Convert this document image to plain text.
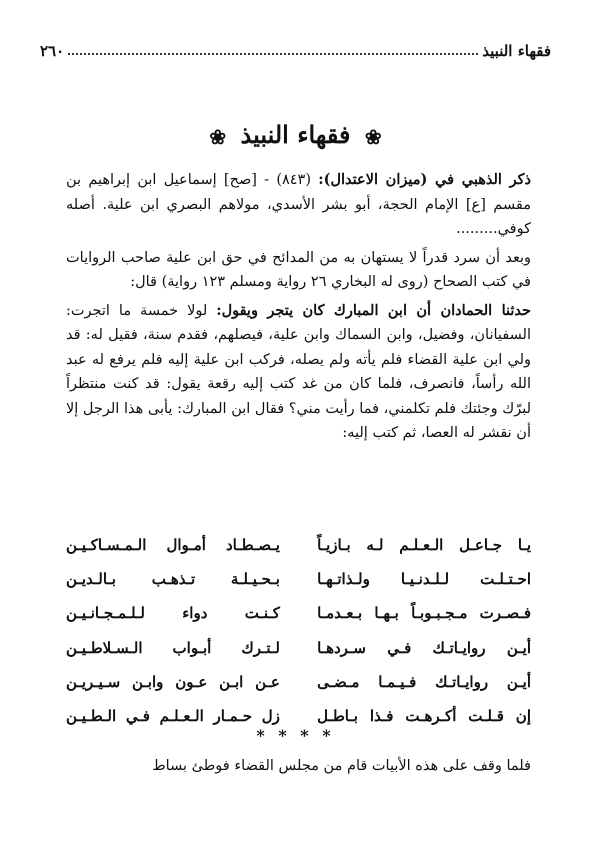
فقهاء النبيذ
٢٦٠
❀ فقهاء النبيذ ❀

ذكر الذهبي في (ميزان الاعتدال): (٨٤٣) - [صح] إسماعيل ابن إبراهيم بن مقسم [ع] الإمام الحجة، أبو بشر الأسدي، مولاهم البصري ابن علية. أصله كوفي.........

وبعد أن سرد قدراً لا يستهان به من المدائح في حق ابن علية صاحب الروايات في كتب الصحاح (روى له البخاري ٢٦ رواية ومسلم ١٢٣ رواية) قال:

حدثنا الحمادان أن ابن المبارك كان يتجر ويقول: لولا خمسة ما اتجرت: السفيانان، وفضيل، وابن السماك وابن علية، فيصلهم، فقدم سنة، فقيل له: قد ولي ابن علية القضاء فلم يأته ولم يصله، فركب ابن علية إليه فلم يرفع له عبد الله رأساً، فانصرف، فلما كان من غد كتب إليه رقعة يقول: قد كنت منتظراً لبرّك وجئتك فلم تكلمني، فما رأيت مني؟ فقال ابن المبارك: يأبى هذا الرجل إلا أن نقشر له العصا، ثم كتب إليه:

يـا جـاعـل الـعـلـم لـه بـازيـاً
يـصـطـاد أمـوال الـمـسـاكـيـن
احـتـلـت لـلـدنـيـا ولـذاتـهـا
بـحـيـلـة تـذهـب بـالـديـن
فـصـرت مـجـبـوبـاً بـهـا بـعـدمـا
كـنـت دواء لـلـمـجـانـيـن
أيـن روايـاتـك فـي سـردهـا
لـتـرك أبـواب الـسـلاطـيـن
أيـن روايـاتـك فـيـمـا مـضـى
عـن ابـن عـون وابـن سـيـريـن
إن قـلـت أكـرهـت فـذا بـاطـل
زل حـمـار الـعـلـم فـي الـطـيـن
* * * *
فلما وقف على هذه الأبيات قام من مجلس القضاء فوطئ بساط
